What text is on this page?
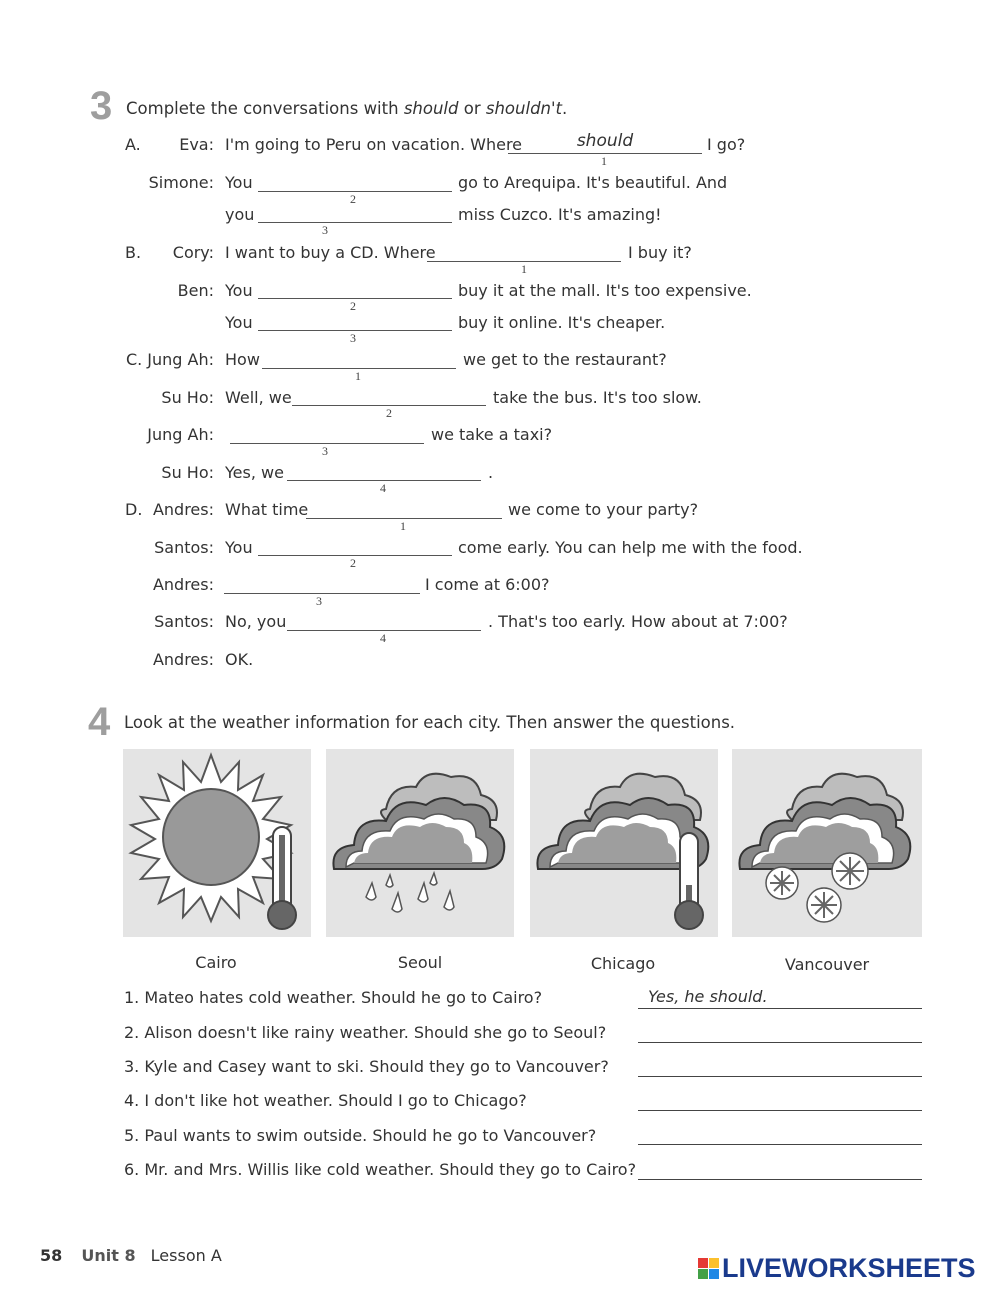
3 Complete the conversations with should or shouldn't.
A.
B.
D.
Eva: I'm going to Peru on vacation. Where
should
1
I go?
Simone: You
2
go to Arequipa. It's beautiful. And
you
3
miss Cuzco. It's amazing!
Cory: I want to buy a CD. Where
1
I buy it?
Ben: You
2
buy it at the mall. It's too expensive.
You
3
buy it online. It's cheaper.
C. Jung Ah: How
1
we get to the restaurant?
Su Ho: Well, we
2
take the bus. It's too slow.
Jung Ah:
3
we take a taxi?
Su Ho: Yes, we
4
.
Andres: What time
1
we come to your party?
Santos: You
2
come early. You can help me with the food.
Andres:
3
I come at 6:00?
Santos: No, you
4
. That's too early. How about at 7:00?
Andres: OK.
4 Look at the weather information for each city. Then answer the questions.
Cairo	Seoul	Chicago	Vancouver
1. Mateo hates cold weather. Should he go to Cairo?
Yes, he should.
2. Alison doesn't like rainy weather. Should she go to Seoul?
3. Kyle and Casey want to ski. Should they go to Vancouver?
4. I don't like hot weather. Should I go to Chicago?
5. Paul wants to swim outside. Should he go to Vancouver?
6. Mr. and Mrs. Willis like cold weather. Should they go to Cairo?
58 Unit 8 Lesson A	LIVEWORKSHEETS
